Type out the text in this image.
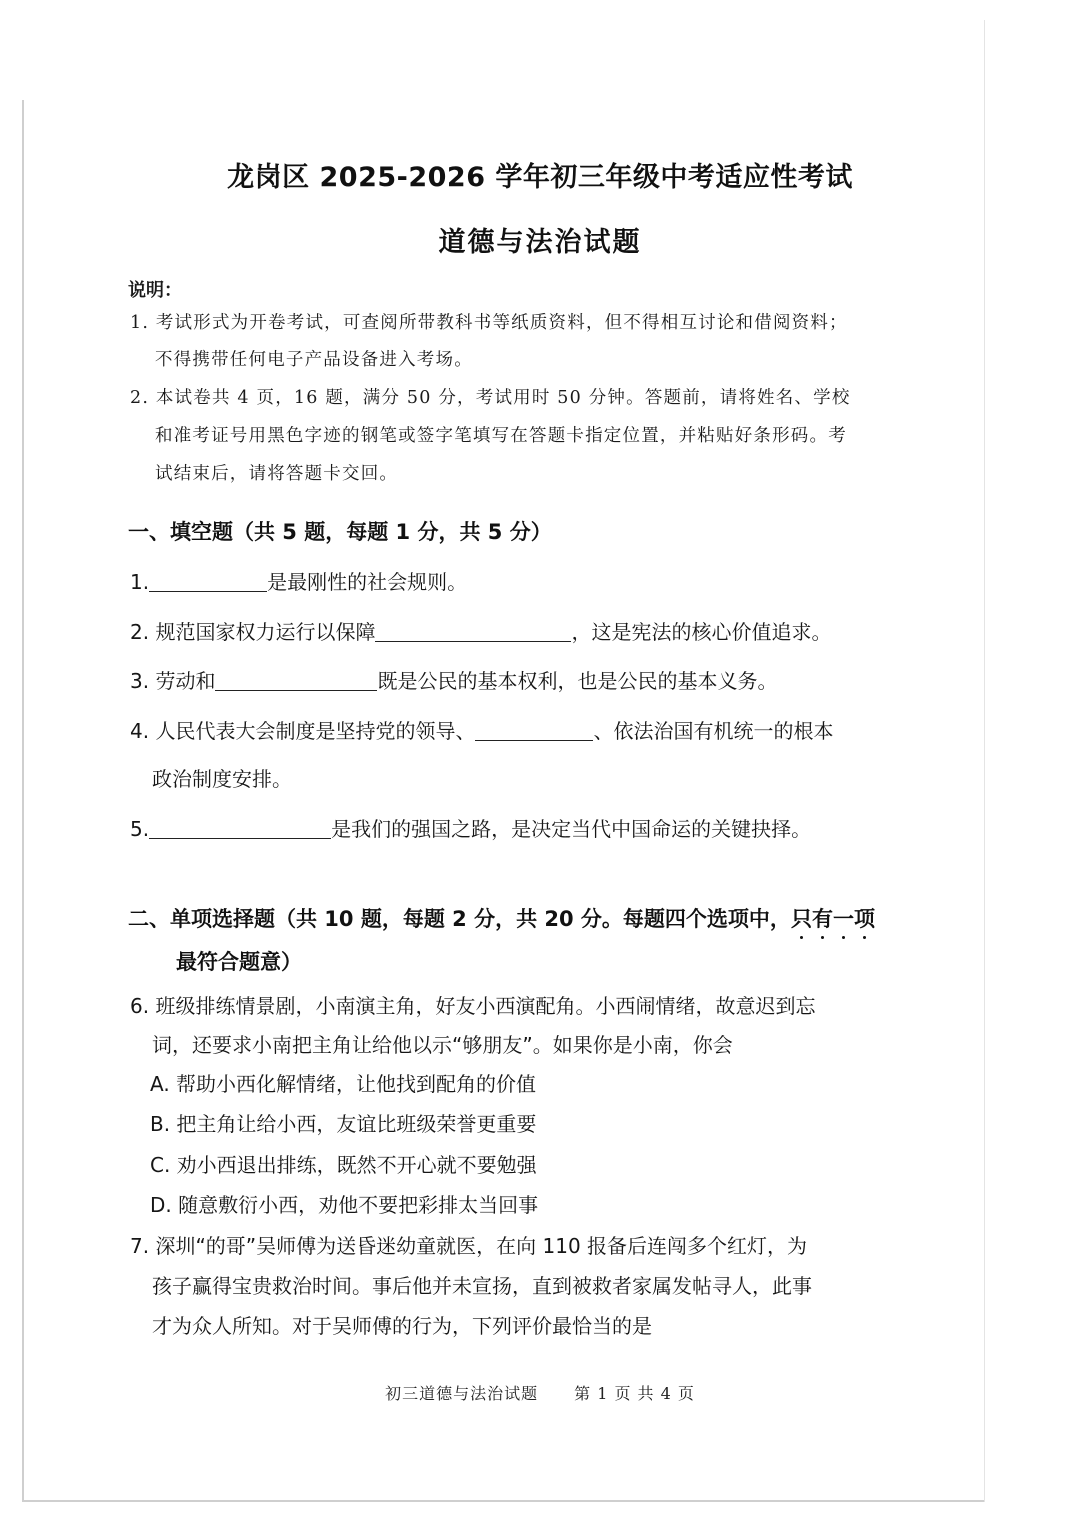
龙岗区 2025-2026 学年初三年级中考适应性考试
道德与法治试题
说明：
1. 考试形式为开卷考试，可查阅所带教科书等纸质资料，但不得相互讨论和借阅资料；
不得携带任何电子产品设备进入考场。
2. 本试卷共 4 页，16 题，满分 50 分，考试用时 50 分钟。答题前，请将姓名、学校
和准考证号用黑色字迹的钢笔或签字笔填写在答题卡指定位置，并粘贴好条形码。考
试结束后，请将答题卡交回。
一、填空题（共 5 题，每题 1 分，共 5 分）
1.	是最刚性的社会规则。
2. 规范国家权力运行以保障	，这是宪法的核心价值追求。
3. 劳动和	既是公民的基本权利，也是公民的基本义务。
4. 人民代表大会制度是坚持党的领导、	、依法治国有机统一的根本
政治制度安排。
5.	是我们的强国之路，是决定当代中国命运的关键抉择。
二、单项选择题（共 10 题，每题 2 分，共 20 分。每题四个选项中，只有一项
最符合题意）
6. 班级排练情景剧，小南演主角，好友小西演配角。小西闹情绪，故意迟到忘
词，还要求小南把主角让给他以示“够朋友”。如果你是小南，你会
A. 帮助小西化解情绪，让他找到配角的价值
B. 把主角让给小西，友谊比班级荣誉更重要
C. 劝小西退出排练，既然不开心就不要勉强
D. 随意敷衍小西，劝他不要把彩排太当回事
7. 深圳“的哥”吴师傅为送昏迷幼童就医，在向 110 报备后连闯多个红灯，为
孩子赢得宝贵救治时间。事后他并未宣扬，直到被救者家属发帖寻人，此事
才为众人所知。对于吴师傅的行为，下列评价最恰当的是
初三道德与法治试题 第 1 页 共 4 页
